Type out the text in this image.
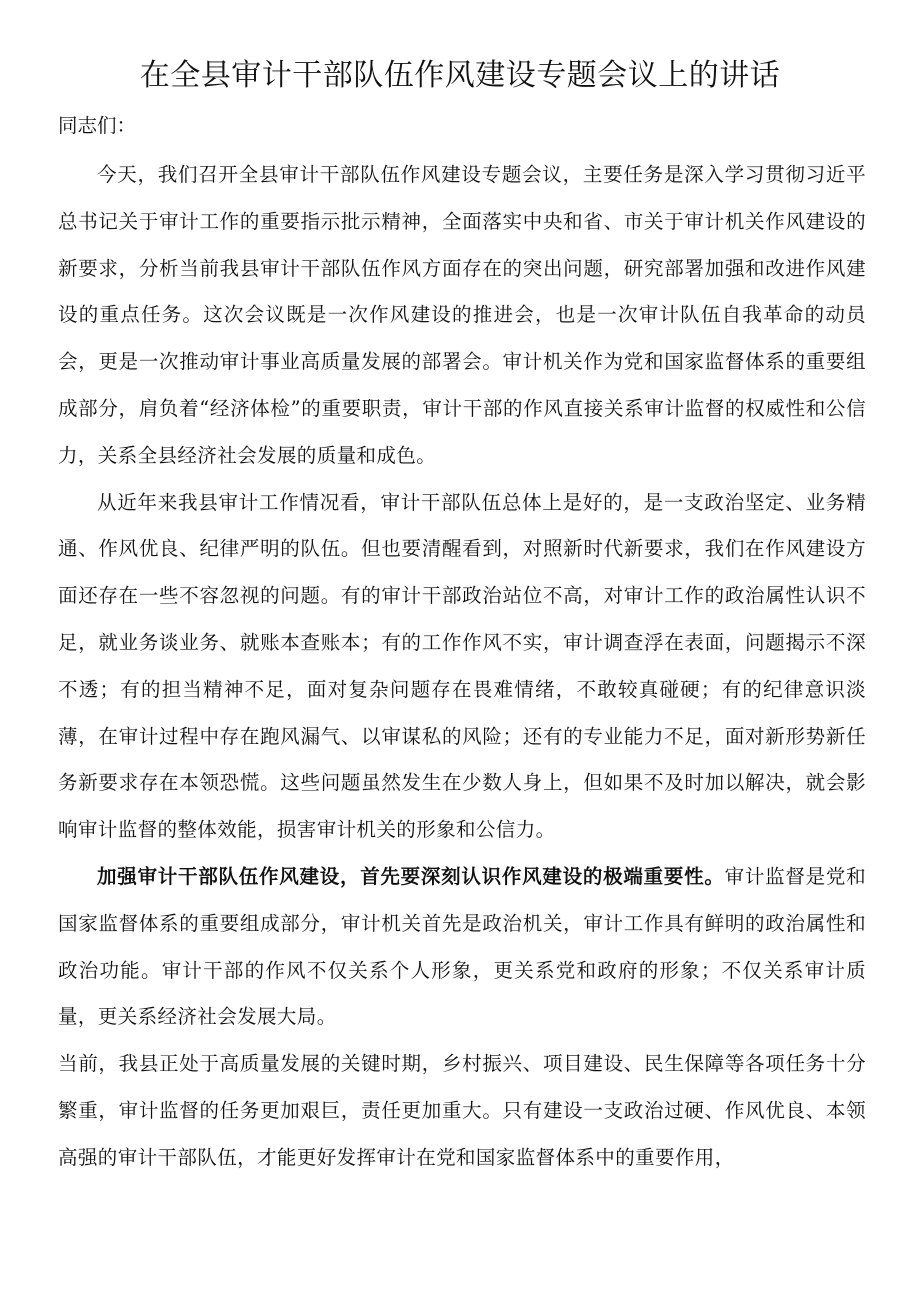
在全县审计干部队伍作风建设专题会议上的讲话

同志们：

今天，我们召开全县审计干部队伍作风建设专题会议，主要任务是深入学习贯彻习近平总书记关于审计工作的重要指示批示精神，全面落实中央和省、市关于审计机关作风建设的新要求，分析当前我县审计干部队伍作风方面存在的突出问题，研究部署加强和改进作风建设的重点任务。这次会议既是一次作风建设的推进会，也是一次审计队伍自我革命的动员会，更是一次推动审计事业高质量发展的部署会。审计机关作为党和国家监督体系的重要组成部分，肩负着“经济体检”的重要职责，审计干部的作风直接关系审计监督的权威性和公信力，关系全县经济社会发展的质量和成色。

从近年来我县审计工作情况看，审计干部队伍总体上是好的，是一支政治坚定、业务精通、作风优良、纪律严明的队伍。但也要清醒看到，对照新时代新要求，我们在作风建设方面还存在一些不容忽视的问题。有的审计干部政治站位不高，对审计工作的政治属性认识不足，就业务谈业务、就账本查账本；有的工作作风不实，审计调查浮在表面，问题揭示不深不透；有的担当精神不足，面对复杂问题存在畏难情绪，不敢较真碰硬；有的纪律意识淡薄，在审计过程中存在跑风漏气、以审谋私的风险；还有的专业能力不足，面对新形势新任务新要求存在本领恐慌。这些问题虽然发生在少数人身上，但如果不及时加以解决，就会影响审计监督的整体效能，损害审计机关的形象和公信力。

加强审计干部队伍作风建设，首先要深刻认识作风建设的极端重要性。审计监督是党和国家监督体系的重要组成部分，审计机关首先是政治机关，审计工作具有鲜明的政治属性和政治功能。审计干部的作风不仅关系个人形象，更关系党和政府的形象；不仅关系审计质量，更关系经济社会发展大局。

当前，我县正处于高质量发展的关键时期，乡村振兴、项目建设、民生保障等各项任务十分繁重，审计监督的任务更加艰巨，责任更加重大。只有建设一支政治过硬、作风优良、本领高强的审计干部队伍，才能更好发挥审计在党和国家监督体系中的重要作用，
